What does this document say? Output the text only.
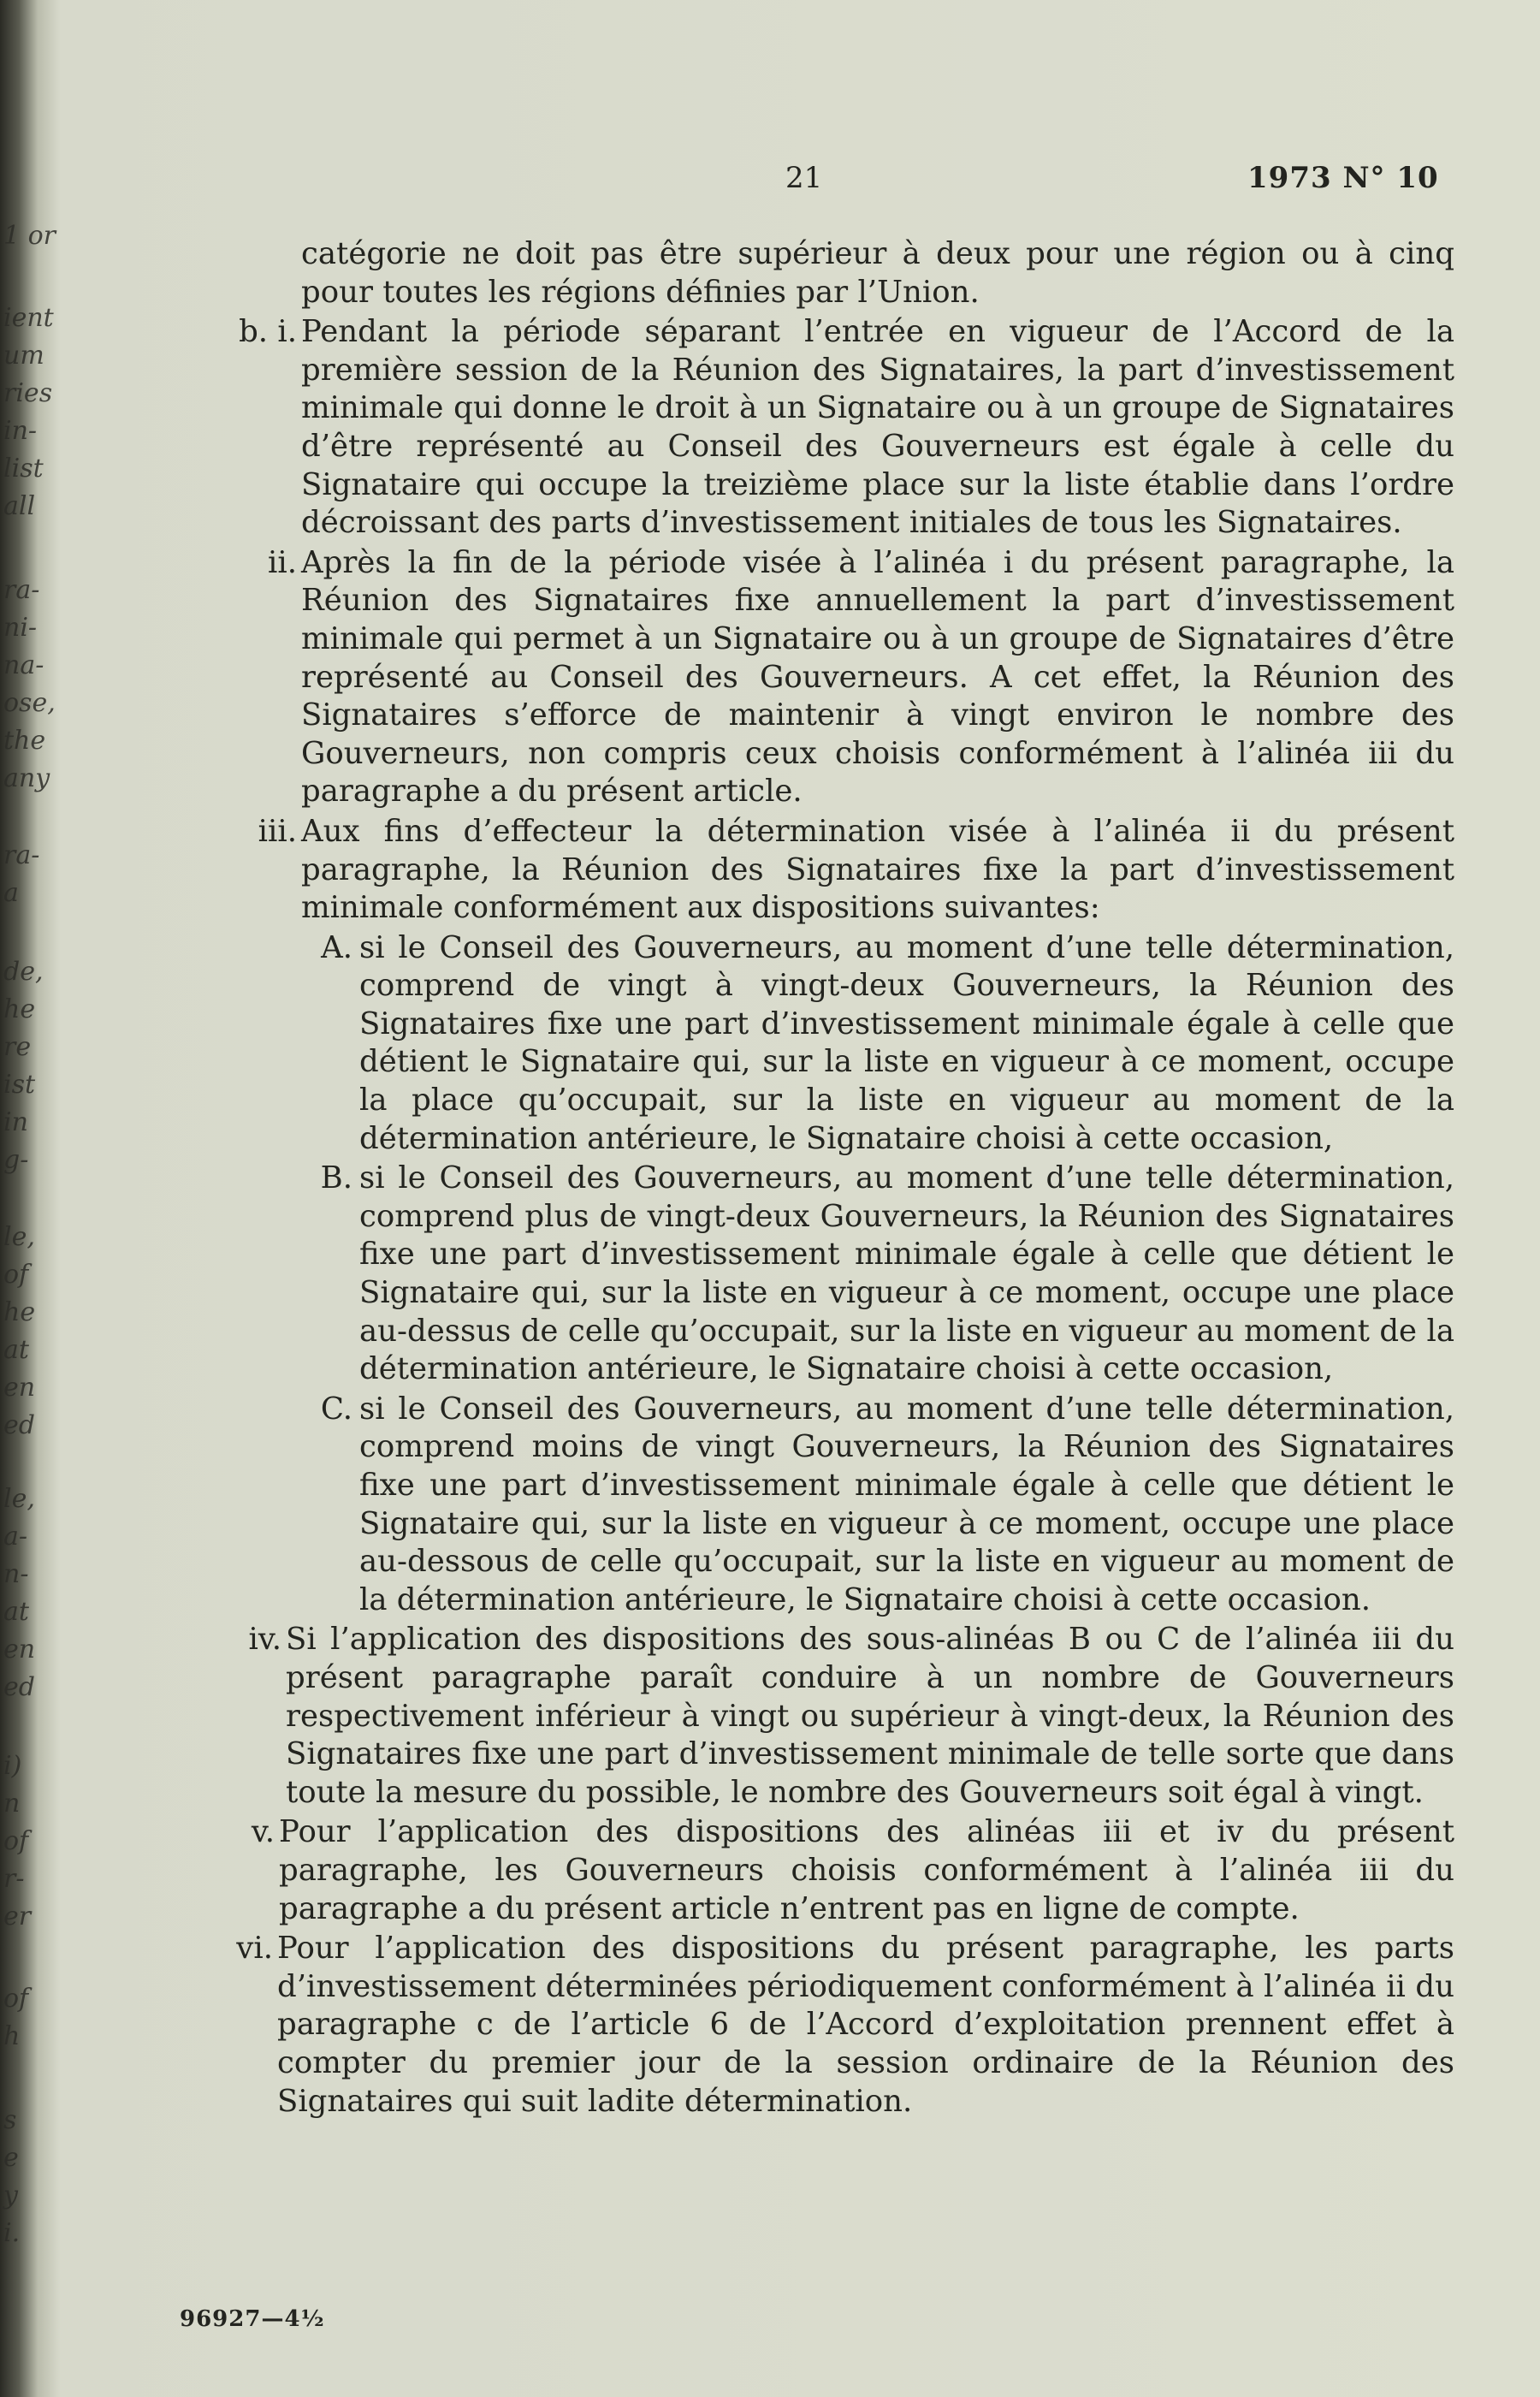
1 or
ient
um
ries
in-
list
all
ra-
ni-
na-
ose,
the
any
ra-
a
de,
he
re
ist
in
g-
le,
of
he
at
en
ed
le,
a-
n-
at
en
ed
i)
n
of
r-
er
of
h
s
e
y
i.
21	1973 N° 10

catégorie ne doit pas être supérieur à deux pour une région ou à cinq pour toutes les régions définies par l’Union.

b. i. Pendant la période séparant l’entrée en vigueur de l’Accord de la première session de la Réunion des Signataires, la part d’investissement minimale qui donne le droit à un Signataire ou à un groupe de Signataires d’être représenté au Conseil des Gouverneurs est égale à celle du Signataire qui occupe la treizième place sur la liste établie dans l’ordre décroissant des parts d’investissement initiales de tous les Signataires.

ii. Après la fin de la période visée à l’alinéa i du présent paragraphe, la Réunion des Signataires fixe annuellement la part d’investissement minimale qui permet à un Signataire ou à un groupe de Signataires d’être représenté au Conseil des Gouverneurs. A cet effet, la Réunion des Signataires s’efforce de maintenir à vingt environ le nombre des Gouverneurs, non compris ceux choisis conformément à l’alinéa iii du paragraphe a du présent article.

iii. Aux fins d’effecteur la détermination visée à l’alinéa ii du présent paragraphe, la Réunion des Signataires fixe la part d’investissement minimale conformément aux dispositions suivantes:

A. si le Conseil des Gouverneurs, au moment d’une telle détermination, comprend de vingt à vingt-deux Gouverneurs, la Réunion des Signataires fixe une part d’investissement minimale égale à celle que détient le Signataire qui, sur la liste en vigueur à ce moment, occupe la place qu’occupait, sur la liste en vigueur au moment de la détermination antérieure, le Signataire choisi à cette occasion,

B. si le Conseil des Gouverneurs, au moment d’une telle détermination, comprend plus de vingt-deux Gouverneurs, la Réunion des Signataires fixe une part d’investissement minimale égale à celle que détient le Signataire qui, sur la liste en vigueur à ce moment, occupe une place au-dessus de celle qu’occupait, sur la liste en vigueur au moment de la détermination antérieure, le Signataire choisi à cette occasion,

C. si le Conseil des Gouverneurs, au moment d’une telle détermination, comprend moins de vingt Gouverneurs, la Réunion des Signataires fixe une part d’investissement minimale égale à celle que détient le Signataire qui, sur la liste en vigueur à ce moment, occupe une place au-dessous de celle qu’occupait, sur la liste en vigueur au moment de la détermination antérieure, le Signataire choisi à cette occasion.

iv. Si l’application des dispositions des sous-alinéas B ou C de l’alinéa iii du présent paragraphe paraît conduire à un nombre de Gouverneurs respectivement inférieur à vingt ou supérieur à vingt-deux, la Réunion des Signataires fixe une part d’investissement minimale de telle sorte que dans toute la mesure du possible, le nombre des Gouverneurs soit égal à vingt.

v. Pour l’application des dispositions des alinéas iii et iv du présent paragraphe, les Gouverneurs choisis conformément à l’alinéa iii du paragraphe a du présent article n’entrent pas en ligne de compte.

vi. Pour l’application des dispositions du présent paragraphe, les parts d’investissement déterminées périodiquement conformément à l’alinéa ii du paragraphe c de l’article 6 de l’Accord d’exploitation prennent effet à compter du premier jour de la session ordinaire de la Réunion des Signataires qui suit ladite détermination.

96927—4½
